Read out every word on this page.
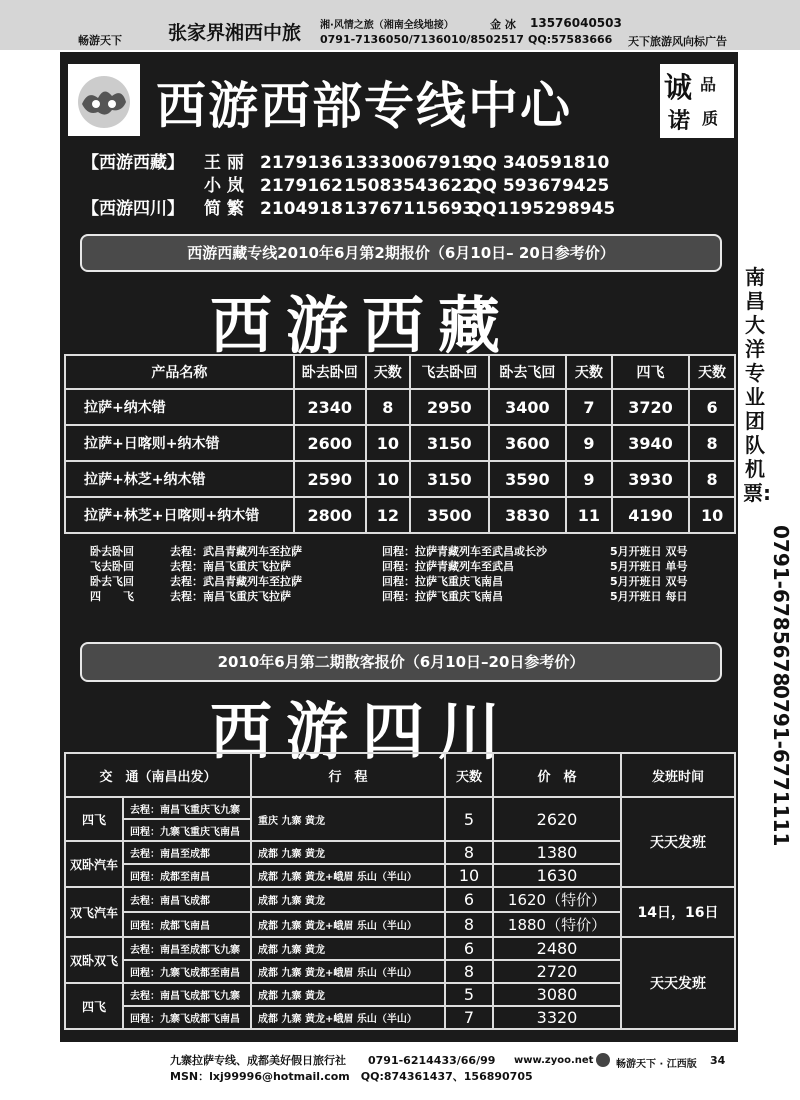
畅游天下 张家界湘西中旅 湘·风情之旅（湘南全线地接）	金 冰 13576040503
0791-7136050/7136010/8502517 QQ:57583666 天下旅游风向标广告
西游西部专线中心	诚 品
诺 质
【西游西藏】 王 丽 217913613330067919QQ 340591810
小 岚 217916215083543622QQ 593679425
【西游四川】 简 繁 210491813767115693QQ1195298945
西游西藏专线2010年6月第2期报价（6月10日– 20日参考价）
西游西藏
产品名称	卧去卧回	天数	飞去卧回	卧去飞回	天数	四飞	天数
拉萨+纳木错	2340	8	2950	3400	7	3720	6
拉萨+日喀则+纳木错	2600	10	3150	3600	9	3940	8
拉萨+林芝+纳木错	2590	10	3150	3590	9	3930	8
拉萨+林芝+日喀则+纳木错	2800	12	3500	3830	11	4190	10
卧去卧回	去程：武昌青藏列车至拉萨	回程：拉萨青藏列车至武昌或长沙	5月开班日 双号
飞去卧回	去程：南昌飞重庆飞拉萨	回程：拉萨青藏列车至武昌	5月开班日 单号
卧去飞回	去程：武昌青藏列车至拉萨	回程：拉萨飞重庆飞南昌	5月开班日 双号
四　　飞	去程：南昌飞重庆飞拉萨	回程：拉萨飞重庆飞南昌	5月开班日 每日
2010年6月第二期散客报价（6月10日–20日参考价）
西游四川
交　通（南昌出发）		行　程	天数	价　格	发班时间
四飞	去程：南昌飞重庆飞九寨	重庆 九寨 黄龙	5	2620	天天发班
	回程：九寨飞重庆飞南昌				
双卧汽车	去程：南昌至成都	成都 九寨 黄龙	8	1380	
	回程：成都至南昌	成都 九寨 黄龙+峨眉 乐山（半山）	10	1630	
双飞汽车	去程：南昌飞成都	成都 九寨 黄龙	6	1620（特价）	14日，16日
	回程：成都飞南昌	成都 九寨 黄龙+峨眉 乐山（半山）	8	1880（特价）	
双卧双飞	去程：南昌至成都飞九寨	成都 九寨 黄龙	6	2480	天天发班
	回程：九寨飞成都至南昌	成都 九寨 黄龙+峨眉 乐山（半山）	8	2720	
四飞	去程：南昌飞成都飞九寨	成都 九寨 黄龙	5	3080	
	回程：九寨飞成都飞南昌	成都 九寨 黄龙+峨眉 乐山（半山）	7	3320	
南昌大洋专业团队机票:
0791-6785678
0791-6771111
九寨拉萨专线、成都美好假日旅行社　　0791-6214433/66/99
MSN：lxj99996@hotmail.com　QQ:874361437、156890705
www.zyoo.net 畅游天下 · 江西版 34
